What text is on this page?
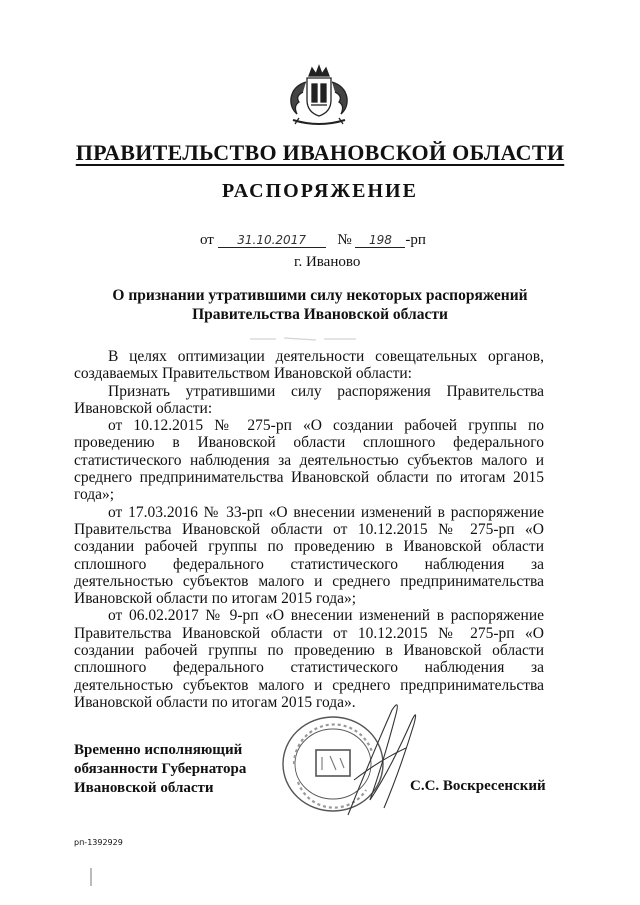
ПРАВИТЕЛЬСТВО ИВАНОВСКОЙ ОБЛАСТИ
РАСПОРЯЖЕНИЕ
от 31.10.2017 № 198 -рп
г. Иваново
О признании утратившими силу некоторых распоряжений
Правительства Ивановской области

В целях оптимизации деятельности совещательных органов, создаваемых Правительством Ивановской области:

Признать утратившими силу распоряжения Правительства Ивановской области:

от 10.12.2015 № 275-рп «О создании рабочей группы по проведению в Ивановской области сплошного федерального статистического наблюдения за деятельностью субъектов малого и среднего предпринимательства Ивановской области по итогам 2015 года»;

от 17.03.2016 № 33-рп «О внесении изменений в распоряжение Правительства Ивановской области от 10.12.2015 № 275-рп «О создании рабочей группы по проведению в Ивановской области сплошного федерального статистического наблюдения за деятельностью субъектов малого и среднего предпринимательства Ивановской области по итогам 2015 года»;

от 06.02.2017 № 9-рп «О внесении изменений в распоряжение Правительства Ивановской области от 10.12.2015 № 275-рп «О создании рабочей группы по проведению в Ивановской области сплошного федерального статистического наблюдения за деятельностью субъектов малого и среднего предпринимательства Ивановской области по итогам 2015 года».

Временно исполняющий
обязанности Губернатора
Ивановской области	С.С. Воскресенский
рп-1392929
